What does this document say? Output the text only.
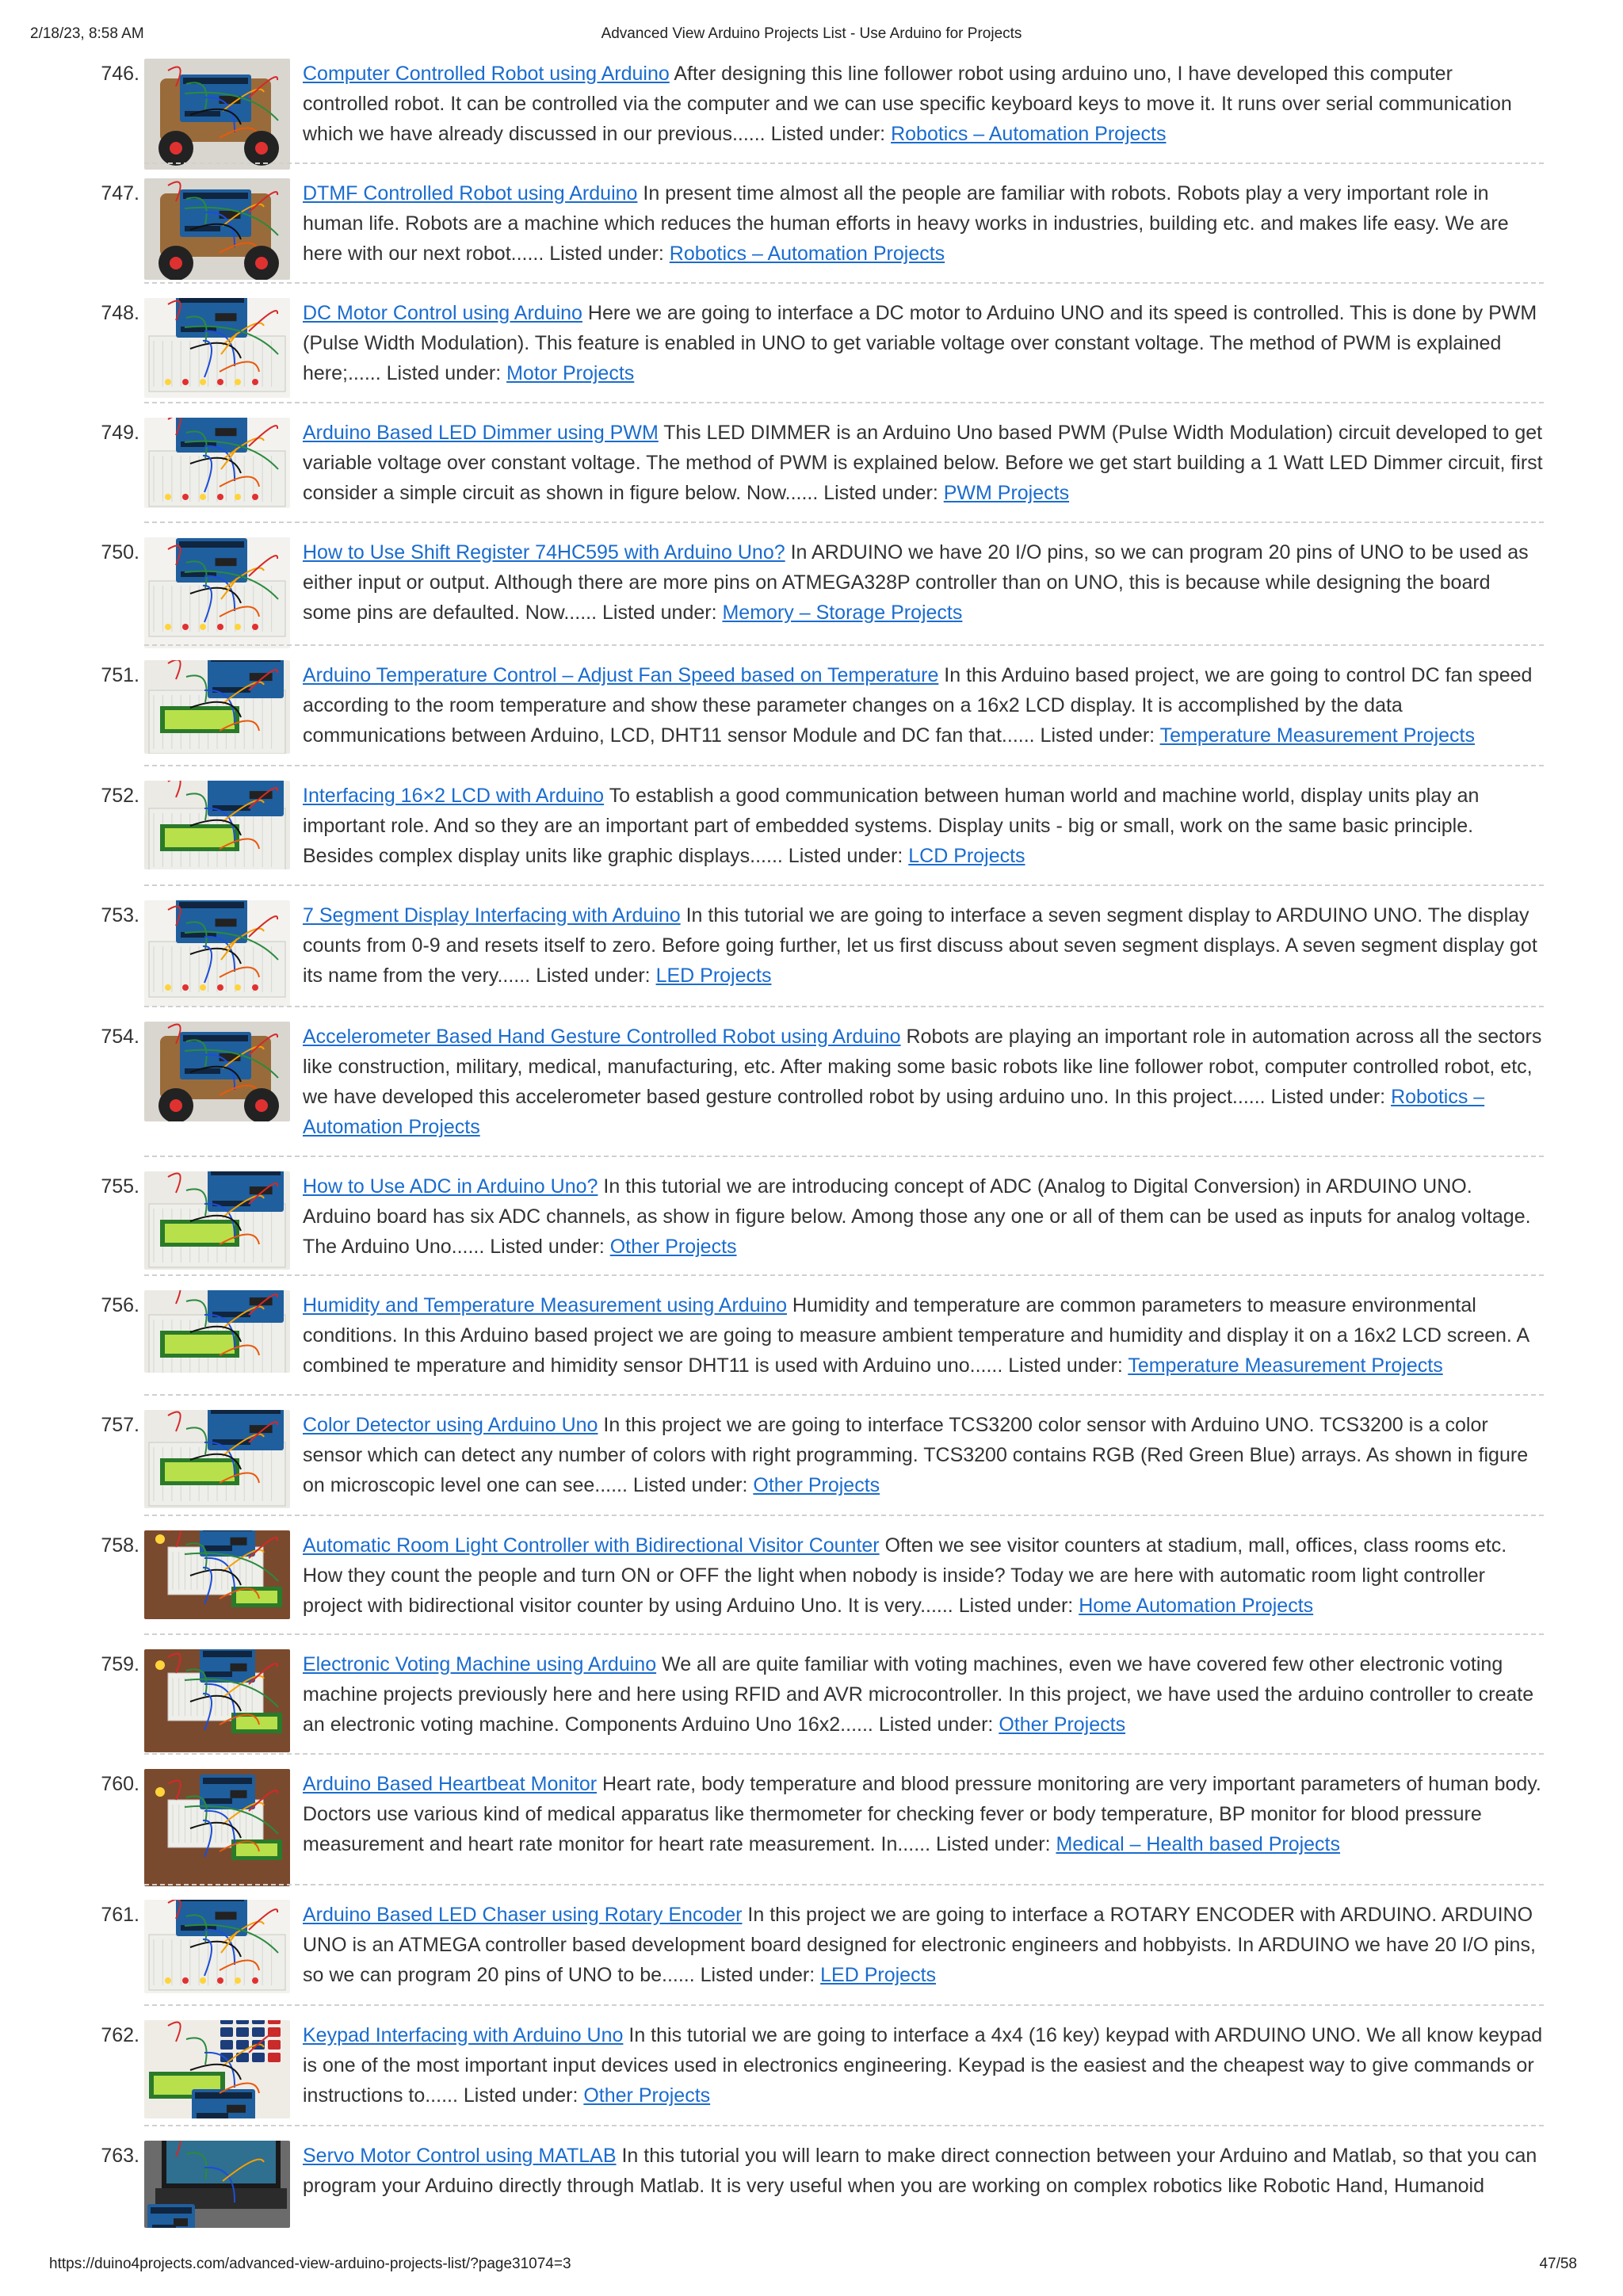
2/18/23, 8:58 AM	Advanced View Arduino Projects List - Use Arduino for Projects
746.	Computer Controlled Robot using Arduino After designing this line follower robot using arduino uno, I have developed this computer controlled robot. It can be controlled via the computer and we can use specific keyboard keys to move it. It runs over serial communication which we have already discussed in our previous...... Listed under: Robotics – Automation Projects
747.	DTMF Controlled Robot using Arduino In present time almost all the people are familiar with robots. Robots play a very important role in human life. Robots are a machine which reduces the human efforts in heavy works in industries, building etc. and makes life easy. We are here with our next robot...... Listed under: Robotics – Automation Projects
748.	DC Motor Control using Arduino Here we are going to interface a DC motor to Arduino UNO and its speed is controlled. This is done by PWM (Pulse Width Modulation). This feature is enabled in UNO to get variable voltage over constant voltage. The method of PWM is explained here;...... Listed under: Motor Projects
749.	Arduino Based LED Dimmer using PWM This LED DIMMER is an Arduino Uno based PWM (Pulse Width Modulation) circuit developed to get variable voltage over constant voltage. The method of PWM is explained below. Before we get start building a 1 Watt LED Dimmer circuit, first consider a simple circuit as shown in figure below. Now...... Listed under: PWM Projects
750.	How to Use Shift Register 74HC595 with Arduino Uno? In ARDUINO we have 20 I/O pins, so we can program 20 pins of UNO to be used as either input or output. Although there are more pins on ATMEGA328P controller than on UNO, this is because while designing the board some pins are defaulted. Now...... Listed under: Memory – Storage Projects
751.	Arduino Temperature Control – Adjust Fan Speed based on Temperature In this Arduino based project, we are going to control DC fan speed according to the room temperature and show these parameter changes on a 16x2 LCD display. It is accomplished by the data communications between Arduino, LCD, DHT11 sensor Module and DC fan that...... Listed under: Temperature Measurement Projects
752.	Interfacing 16×2 LCD with Arduino To establish a good communication between human world and machine world, display units play an important role. And so they are an important part of embedded systems. Display units - big or small, work on the same basic principle. Besides complex display units like graphic displays...... Listed under: LCD Projects
753.	7 Segment Display Interfacing with Arduino In this tutorial we are going to interface a seven segment display to ARDUINO UNO. The display counts from 0-9 and resets itself to zero. Before going further, let us first discuss about seven segment displays. A seven segment display got its name from the very...... Listed under: LED Projects
754.	Accelerometer Based Hand Gesture Controlled Robot using Arduino Robots are playing an important role in automation across all the sectors like construction, military, medical, manufacturing, etc. After making some basic robots like line follower robot, computer controlled robot, etc, we have developed this accelerometer based gesture controlled robot by using arduino uno. In this project...... Listed under: Robotics – Automation Projects
755.	How to Use ADC in Arduino Uno? In this tutorial we are introducing concept of ADC (Analog to Digital Conversion) in ARDUINO UNO. Arduino board has six ADC channels, as show in figure below. Among those any one or all of them can be used as inputs for analog voltage. The Arduino Uno...... Listed under: Other Projects
756.	Humidity and Temperature Measurement using Arduino Humidity and temperature are common parameters to measure environmental conditions. In this Arduino based project we are going to measure ambient temperature and humidity and display it on a 16x2 LCD screen. A combined te mperature and himidity sensor DHT11 is used with Arduino uno...... Listed under: Temperature Measurement Projects
757.	Color Detector using Arduino Uno In this project we are going to interface TCS3200 color sensor with Arduino UNO. TCS3200 is a color sensor which can detect any number of colors with right programming. TCS3200 contains RGB (Red Green Blue) arrays. As shown in figure on microscopic level one can see...... Listed under: Other Projects
758.	Automatic Room Light Controller with Bidirectional Visitor Counter Often we see visitor counters at stadium, mall, offices, class rooms etc. How they count the people and turn ON or OFF the light when nobody is inside? Today we are here with automatic room light controller project with bidirectional visitor counter by using Arduino Uno. It is very...... Listed under: Home Automation Projects
759.	Electronic Voting Machine using Arduino We all are quite familiar with voting machines, even we have covered few other electronic voting machine projects previously here and here using RFID and AVR microcontroller. In this project, we have used the arduino controller to create an electronic voting machine. Components Arduino Uno 16x2...... Listed under: Other Projects
760.	Arduino Based Heartbeat Monitor Heart rate, body temperature and blood pressure monitoring are very important parameters of human body. Doctors use various kind of medical apparatus like thermometer for checking fever or body temperature, BP monitor for blood pressure measurement and heart rate monitor for heart rate measurement. In...... Listed under: Medical – Health based Projects
761.	Arduino Based LED Chaser using Rotary Encoder In this project we are going to interface a ROTARY ENCODER with ARDUINO. ARDUINO UNO is an ATMEGA controller based development board designed for electronic engineers and hobbyists. In ARDUINO we have 20 I/O pins, so we can program 20 pins of UNO to be...... Listed under: LED Projects
762.	Keypad Interfacing with Arduino Uno In this tutorial we are going to interface a 4x4 (16 key) keypad with ARDUINO UNO. We all know keypad is one of the most important input devices used in electronics engineering. Keypad is the easiest and the cheapest way to give commands or instructions to...... Listed under: Other Projects
763.	Servo Motor Control using MATLAB In this tutorial you will learn to make direct connection between your Arduino and Matlab, so that you can program your Arduino directly through Matlab. It is very useful when you are working on complex robotics like Robotic Hand, Humanoid
https://duino4projects.com/advanced-view-arduino-projects-list/?page31074=3	47/58
